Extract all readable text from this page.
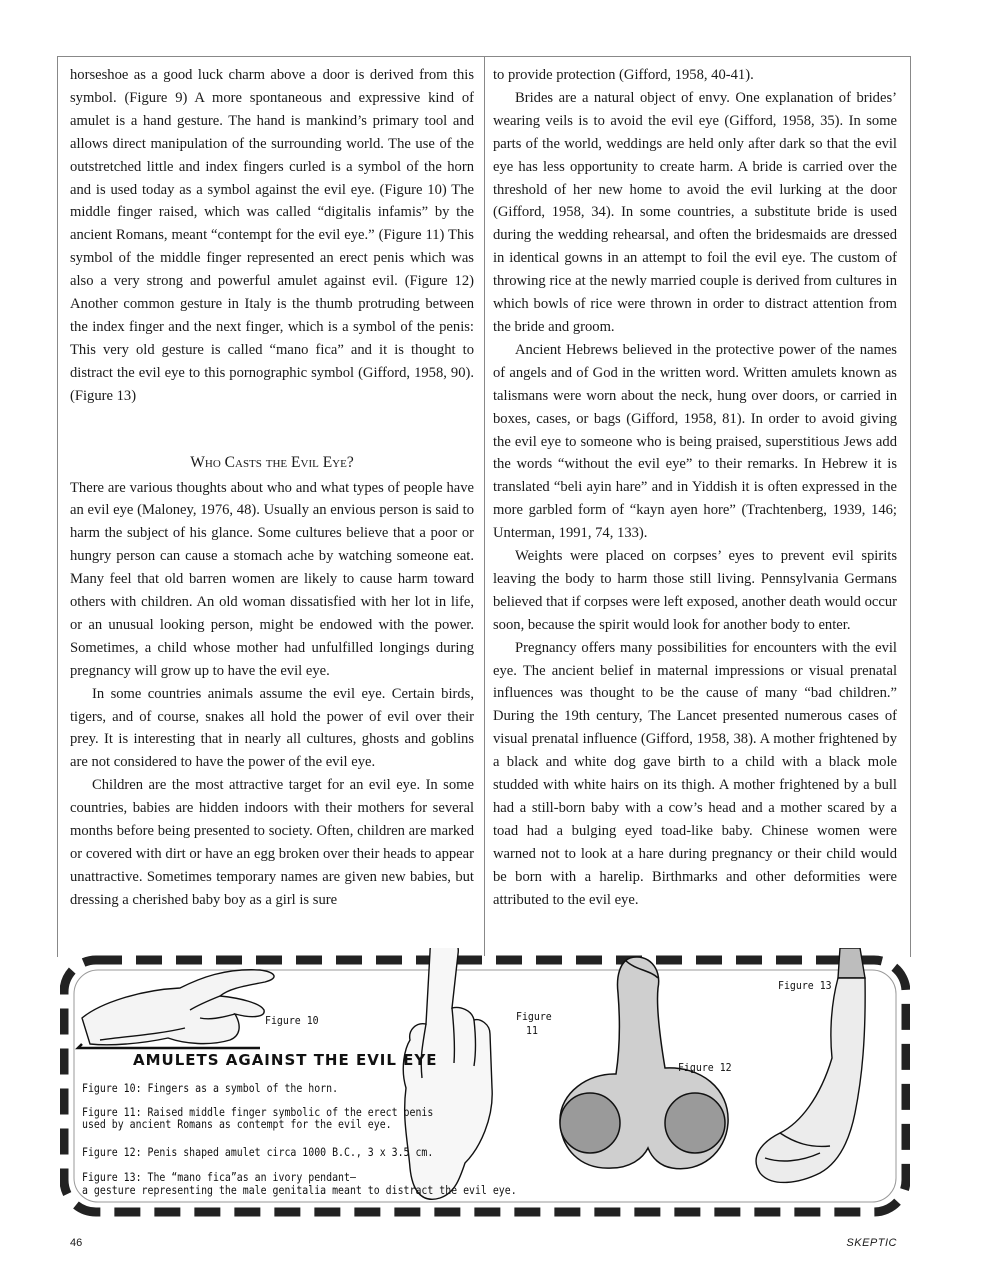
horseshoe as a good luck charm above a door is derived from this symbol. (Figure 9) A more spontaneous and expressive kind of amulet is a hand gesture. The hand is mankind’s primary tool and allows direct manipulation of the surrounding world. The use of the outstretched little and index fingers curled is a symbol of the horn and is used today as a symbol against the evil eye. (Figure 10) The middle finger raised, which was called “digitalis infamis” by the ancient Romans, meant “contempt for the evil eye.” (Figure 11) This symbol of the middle finger represented an erect penis which was also a very strong and powerful amulet against evil. (Figure 12) Another common gesture in Italy is the thumb protruding between the index finger and the next finger, which is a symbol of the penis: This very old gesture is called “mano fica” and it is thought to distract the evil eye to this pornographic symbol (Gifford, 1958, 90). (Figure 13)

Who Casts the Evil Eye?

There are various thoughts about who and what types of people have an evil eye (Maloney, 1976, 48). Usually an envious person is said to harm the subject of his glance. Some cultures believe that a poor or hungry person can cause a stomach ache by watching someone eat. Many feel that old barren women are likely to cause harm toward others with children. An old woman dissatisfied with her lot in life, or an unusual looking person, might be endowed with the power. Sometimes, a child whose mother had unfulfilled longings during pregnancy will grow up to have the evil eye.

In some countries animals assume the evil eye. Certain birds, tigers, and of course, snakes all hold the power of evil over their prey. It is interesting that in nearly all cultures, ghosts and goblins are not considered to have the power of the evil eye.

Children are the most attractive target for an evil eye. In some countries, babies are hidden indoors with their mothers for several months before being presented to society. Often, children are marked or covered with dirt or have an egg broken over their heads to appear unattractive. Sometimes temporary names are given new babies, but dressing a cherished baby boy as a girl is sure

to provide protection (Gifford, 1958, 40-41).

Brides are a natural object of envy. One explanation of brides’ wearing veils is to avoid the evil eye (Gifford, 1958, 35). In some parts of the world, weddings are held only after dark so that the evil eye has less opportunity to create harm. A bride is carried over the threshold of her new home to avoid the evil lurking at the door (Gifford, 1958, 34). In some countries, a substitute bride is used during the wedding rehearsal, and often the bridesmaids are dressed in identical gowns in an attempt to foil the evil eye. The custom of throwing rice at the newly married couple is derived from cultures in which bowls of rice were thrown in order to distract attention from the bride and groom.

Ancient Hebrews believed in the protective power of the names of angels and of God in the written word. Written amulets known as talismans were worn about the neck, hung over doors, or carried in boxes, cases, or bags (Gifford, 1958, 81). In order to avoid giving the evil eye to someone who is being praised, superstitious Jews add the words “without the evil eye” to their remarks. In Hebrew it is translated “beli ayin hare” and in Yiddish it is often expressed in the more garbled form of “kayn ayen hore” (Trachtenberg, 1939, 146; Unterman, 1991, 74, 133).

Weights were placed on corpses’ eyes to prevent evil spirits leaving the body to harm those still living. Pennsylvania Germans believed that if corpses were left exposed, another death would occur soon, because the spirit would look for another body to enter.

Pregnancy offers many possibilities for encounters with the evil eye. The ancient belief in maternal impressions or visual prenatal influences was thought to be the cause of many “bad children.” During the 19th century, The Lancet presented numerous cases of visual prenatal influence (Gifford, 1958, 38). A mother frightened by a black and white dog gave birth to a child with a black mole studded with white hairs on its thigh. A mother frightened by a bull had a still-born baby with a cow’s head and a mother scared by a toad had a bulging eyed toad-like baby. Chinese women were warned not to look at a hare during pregnancy or their child would be born with a harelip. Birthmarks and other deformities were attributed to the evil eye.

Figure 10	Figure
11
Figure 12
Figure 13
AMULETS AGAINST THE EVIL EYE
Figure 10: Fingers as a symbol of the horn.
Figure 11: Raised middle finger symbolic of the erect penis
used by ancient Romans as contempt for the evil eye.
Figure 12: Penis shaped amulet circa 1000 B.C., 3 x 3.5 cm.
Figure 13: The “mano fica”as an ivory pendant—
a gesture representing the male genitalia meant to distract the evil eye.
46	SKEPTIC
